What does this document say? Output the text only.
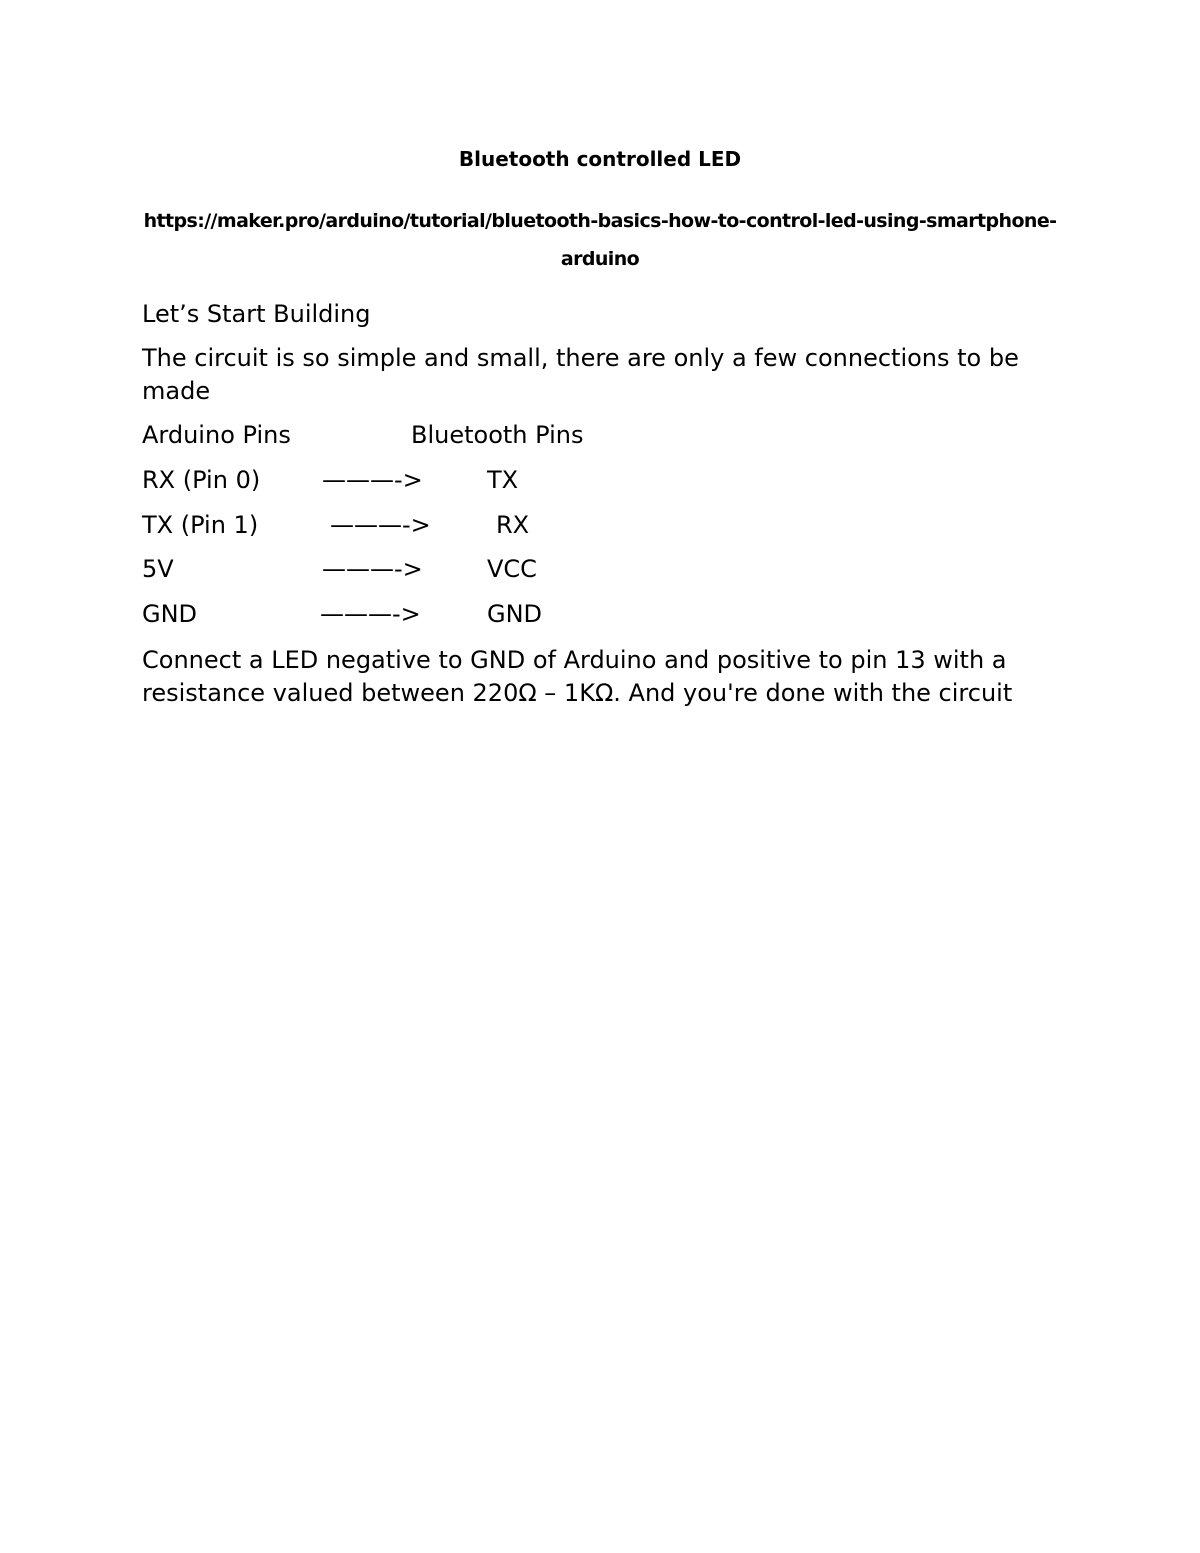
Bluetooth controlled LED
https://maker.pro/arduino/tutorial/bluetooth-basics-how-to-control-led-using-smartphone-arduino
Let’s Start Building
The circuit is so simple and small, there are only a few connections to be made
Arduino Pins	Bluetooth Pins
RX (Pin 0)	———->	TX
TX (Pin 1)	———->	RX
5V	———->	VCC
GND	———->	GND
Connect a LED negative to GND of Arduino and positive to pin 13 with a resistance valued between 220Ω – 1KΩ. And you're done with the circuit
